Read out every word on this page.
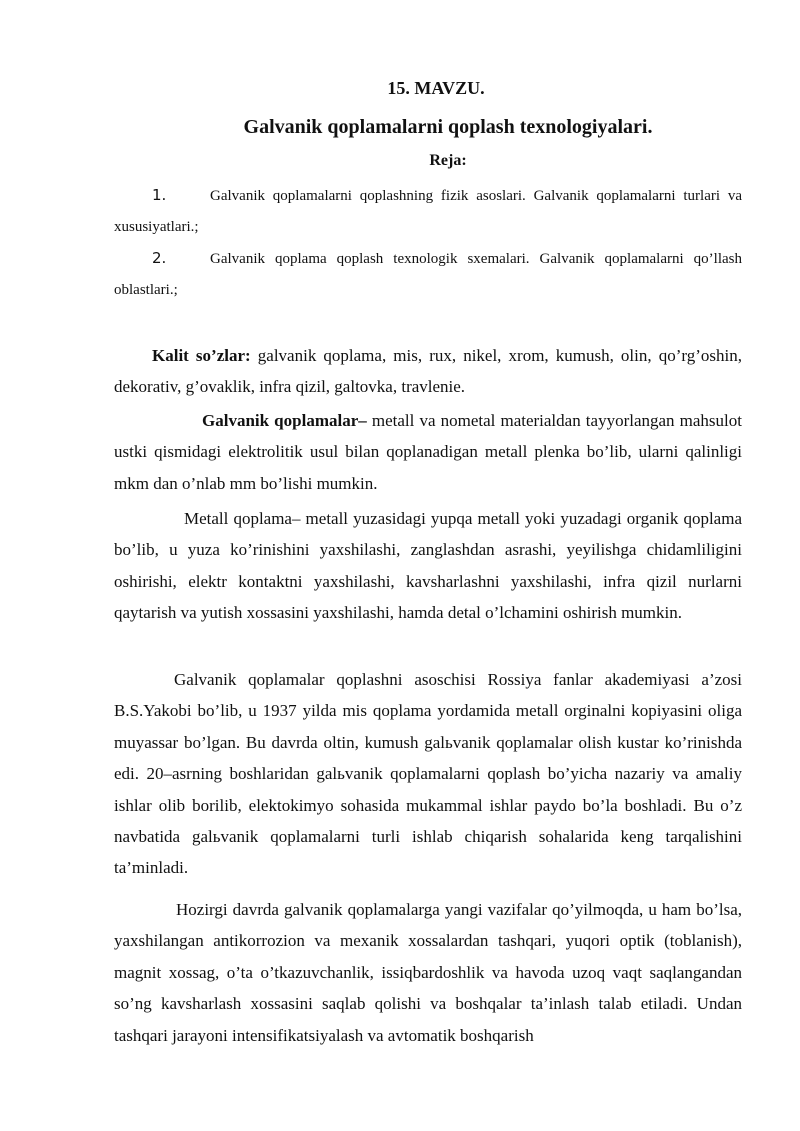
15. MAVZU.
Galvanik qoplamalarni qoplash texnologiyalari.
Reja:
1.	Galvanik qoplamalarni qoplashning fizik asoslari. Galvanik qoplamalarni turlari va xususiyatlari.;
2.	Galvanik qoplama qoplash texnologik sxemalari. Galvanik qoplamalarni qo’llash oblastlari.;
Kalit so’zlar: galvanik qoplama, mis, rux, nikel, xrom, kumush, olin, qo’rg’oshin, dekorativ, g’ovaklik, infra qizil, galtovka, travlenie.
Galvanik qoplamalar– metall va nometal materialdan tayyorlangan mahsulot ustki qismidagi elektrolitik usul bilan qoplanadigan metall plenka bo’lib, ularni qalinligi mkm dan o’nlab mm bo’lishi mumkin.
Metall qoplama– metall yuzasidagi yupqa metall yoki yuzadagi organik qoplama bo’lib, u yuza ko’rinishini yaxshilashi, zanglashdan asrashi, yeyilishga chidamliligini oshirishi, elektr kontaktni yaxshilashi, kavsharlashni yaxshilashi, infra qizil nurlarni qaytarish va yutish xossasini yaxshilashi, hamda detal o’lchamini oshirish mumkin.
Galvanik qoplamalar qoplashni asoschisi Rossiya fanlar akademiyasi a’zosi B.S.Yakobi bo’lib, u 1937 yilda mis qoplama yordamida metall orginalni kopiyasini oliga muyassar bo’lgan. Bu davrda oltin, kumush galьvanik qoplamalar olish kustar ko’rinishda edi. 20–asrning boshlaridan galьvanik qoplamalarni qoplash bo’yicha nazariy va amaliy ishlar olib borilib, elektokimyo sohasida mukammal ishlar paydo bo’la boshladi. Bu o’z navbatida galьvanik qoplamalarni turli ishlab chiqarish sohalarida keng tarqalishini ta’minladi.
Hozirgi davrda galvanik qoplamalarga yangi vazifalar qo’yilmoqda, u ham bo’lsa, yaxshilangan antikorrozion va mexanik xossalardan tashqari, yuqori optik (toblanish), magnit xossag, o’ta o’tkazuvchanlik, issiqbardoshlik va havoda uzoq vaqt saqlangandan so’ng kavsharlash xossasini saqlab qolishi va boshqalar ta’inlash talab etiladi. Undan tashqari jarayoni intensifikatsiyalash va avtomatik boshqarish
